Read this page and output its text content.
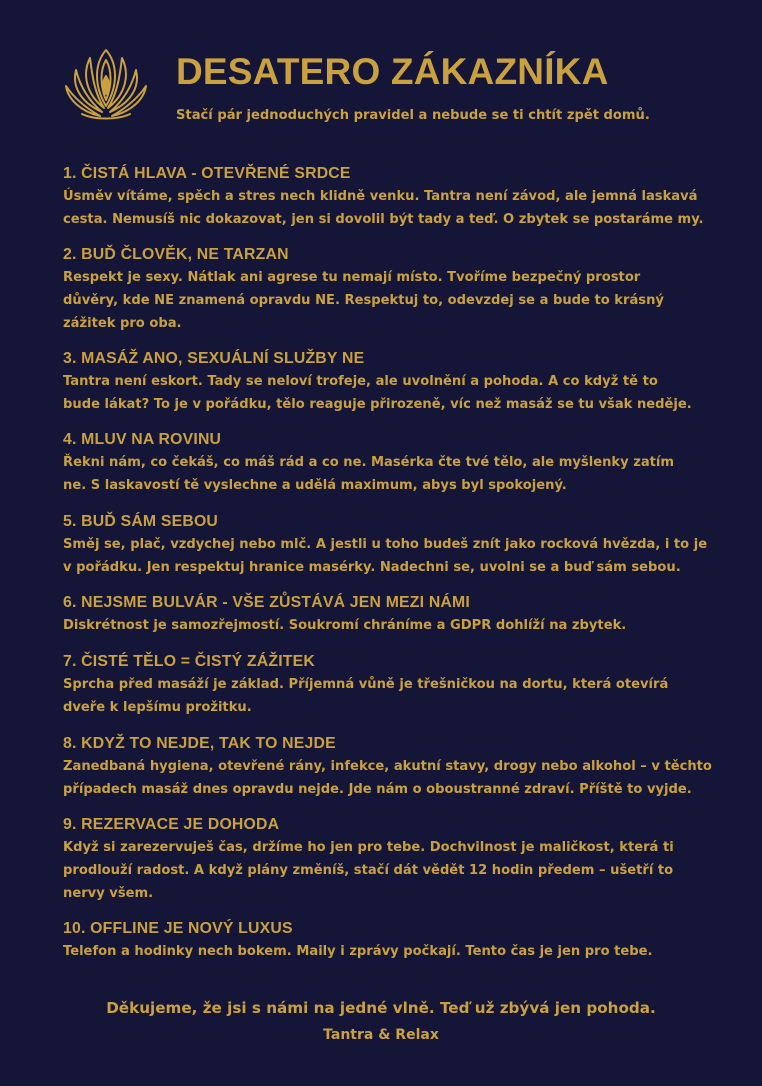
DESATERO ZÁKAZNÍKA
Stačí pár jednoduchých pravidel a nebude se ti chtít zpět domů.
1. ČISTÁ HLAVA - OTEVŘENÉ SRDCE
Úsměv vítáme, spěch a stres nech klidně venku. Tantra není závod, ale jemná laskavá
cesta. Nemusíš nic dokazovat, jen si dovolil být tady a teď. O zbytek se postaráme my.
2. BUĎ ČLOVĚK, NE TARZAN
Respekt je sexy. Nátlak ani agrese tu nemají místo. Tvoříme bezpečný prostor
důvěry, kde NE znamená opravdu NE. Respektuj to, odevzdej se a bude to krásný
zážitek pro oba.
3. MASÁŽ ANO, SEXUÁLNÍ SLUŽBY NE
Tantra není eskort. Tady se neloví trofeje, ale uvolnění a pohoda. A co když tě to
bude lákat? To je v pořádku, tělo reaguje přirozeně, víc než masáž se tu však neděje.
4. MLUV NA ROVINU
Řekni nám, co čekáš, co máš rád a co ne. Masérka čte tvé tělo, ale myšlenky zatím
ne. S laskavostí tě vyslechne a udělá maximum, abys byl spokojený.
5. BUĎ SÁM SEBOU
Směj se, plač, vzdychej nebo mlč. A jestli u toho budeš znít jako rocková hvězda, i to je
v pořádku. Jen respektuj hranice masérky. Nadechni se, uvolni se a buď sám sebou.
6. NEJSME BULVÁR - VŠE ZŮSTÁVÁ JEN MEZI NÁMI
Diskrétnost je samozřejmostí. Soukromí chráníme a GDPR dohlíží na zbytek.
7. ČISTÉ TĚLO = ČISTÝ ZÁŽITEK
Sprcha před masáží je základ. Příjemná vůně je třešničkou na dortu, která otevírá
dveře k lepšímu prožitku.
8. KDYŽ TO NEJDE, TAK TO NEJDE
Zanedbaná hygiena, otevřené rány, infekce, akutní stavy, drogy nebo alkohol – v těchto
případech masáž dnes opravdu nejde. Jde nám o oboustranné zdraví. Příště to vyjde.
9. REZERVACE JE DOHODA
Když si zarezervuješ čas, držíme ho jen pro tebe. Dochvilnost je maličkost, která ti
prodlouží radost. A když plány změníš, stačí dát vědět 12 hodin předem – ušetří to
nervy všem.
10. OFFLINE JE NOVÝ LUXUS
Telefon a hodinky nech bokem. Maily i zprávy počkají. Tento čas je jen pro tebe.
Děkujeme, že jsi s námi na jedné vlně. Teď už zbývá jen pohoda.
Tantra & Relax
